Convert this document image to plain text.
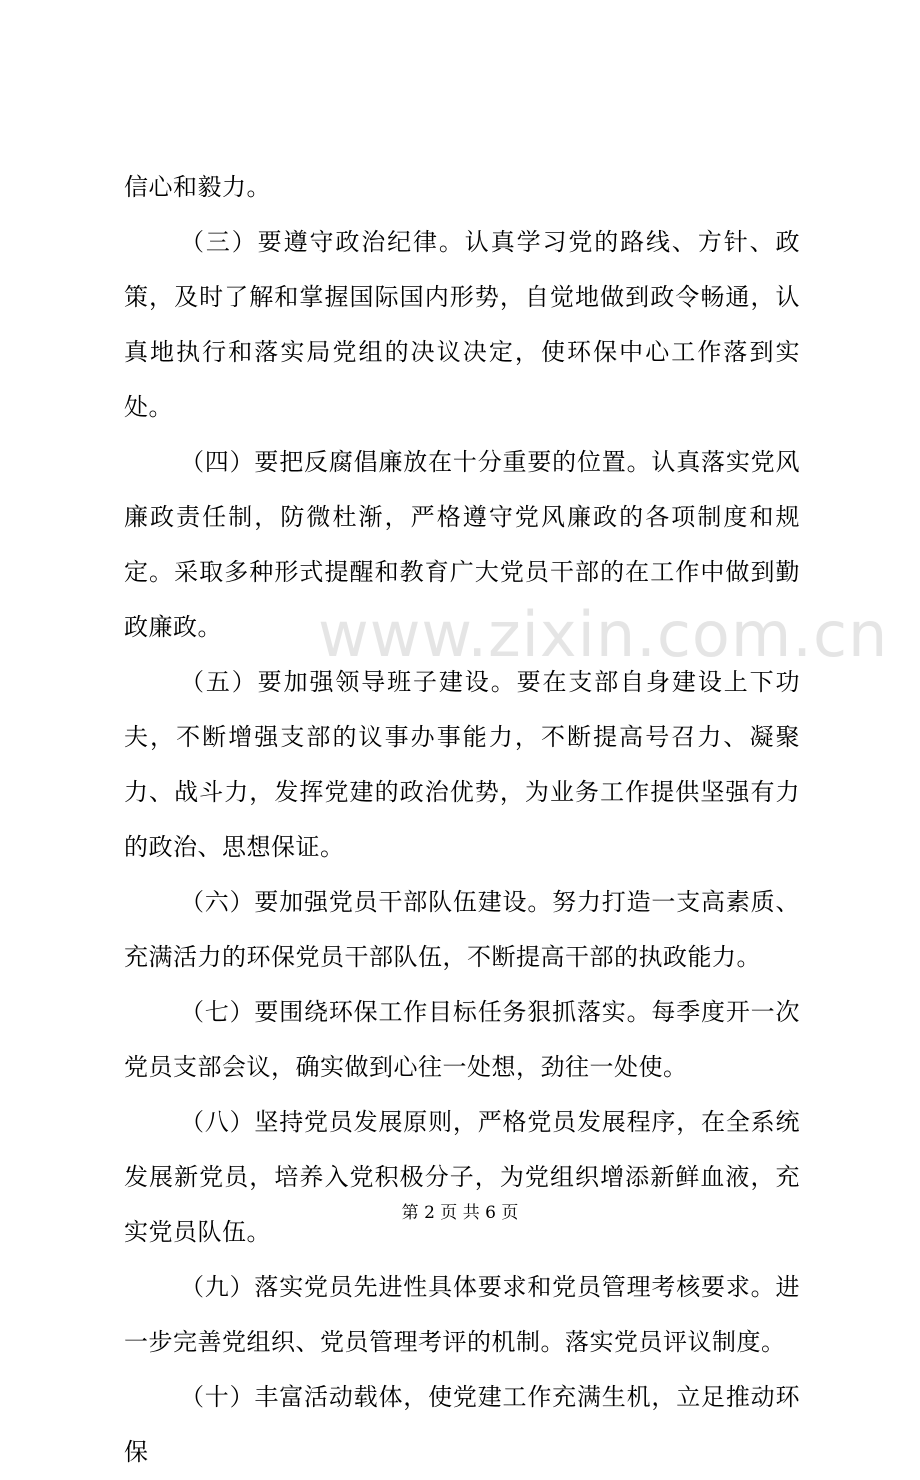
信心和毅力。

（三）要遵守政治纪律。认真学习党的路线、方针、政策，及时了解和掌握国际国内形势，自觉地做到政令畅通，认真地执行和落实局党组的决议决定，使环保中心工作落到实处。

（四）要把反腐倡廉放在十分重要的位置。认真落实党风廉政责任制，防微杜渐，严格遵守党风廉政的各项制度和规定。采取多种形式提醒和教育广大党员干部的在工作中做到勤政廉政。

（五）要加强领导班子建设。要在支部自身建设上下功夫，不断增强支部的议事办事能力，不断提高号召力、凝聚力、战斗力，发挥党建的政治优势，为业务工作提供坚强有力的政治、思想保证。

（六）要加强党员干部队伍建设。努力打造一支高素质、充满活力的环保党员干部队伍，不断提高干部的执政能力。

（七）要围绕环保工作目标任务狠抓落实。每季度开一次党员支部会议，确实做到心往一处想，劲往一处使。

（八）坚持党员发展原则，严格党员发展程序，在全系统发展新党员，培养入党积极分子，为党组织增添新鲜血液，充实党员队伍。

（九）落实党员先进性具体要求和党员管理考核要求。进一步完善党组织、党员管理考评的机制。落实党员评议制度。

（十）丰富活动载体，使党建工作充满生机，立足推动环保

www.zixin.com.cn
第 2 页 共 6 页
